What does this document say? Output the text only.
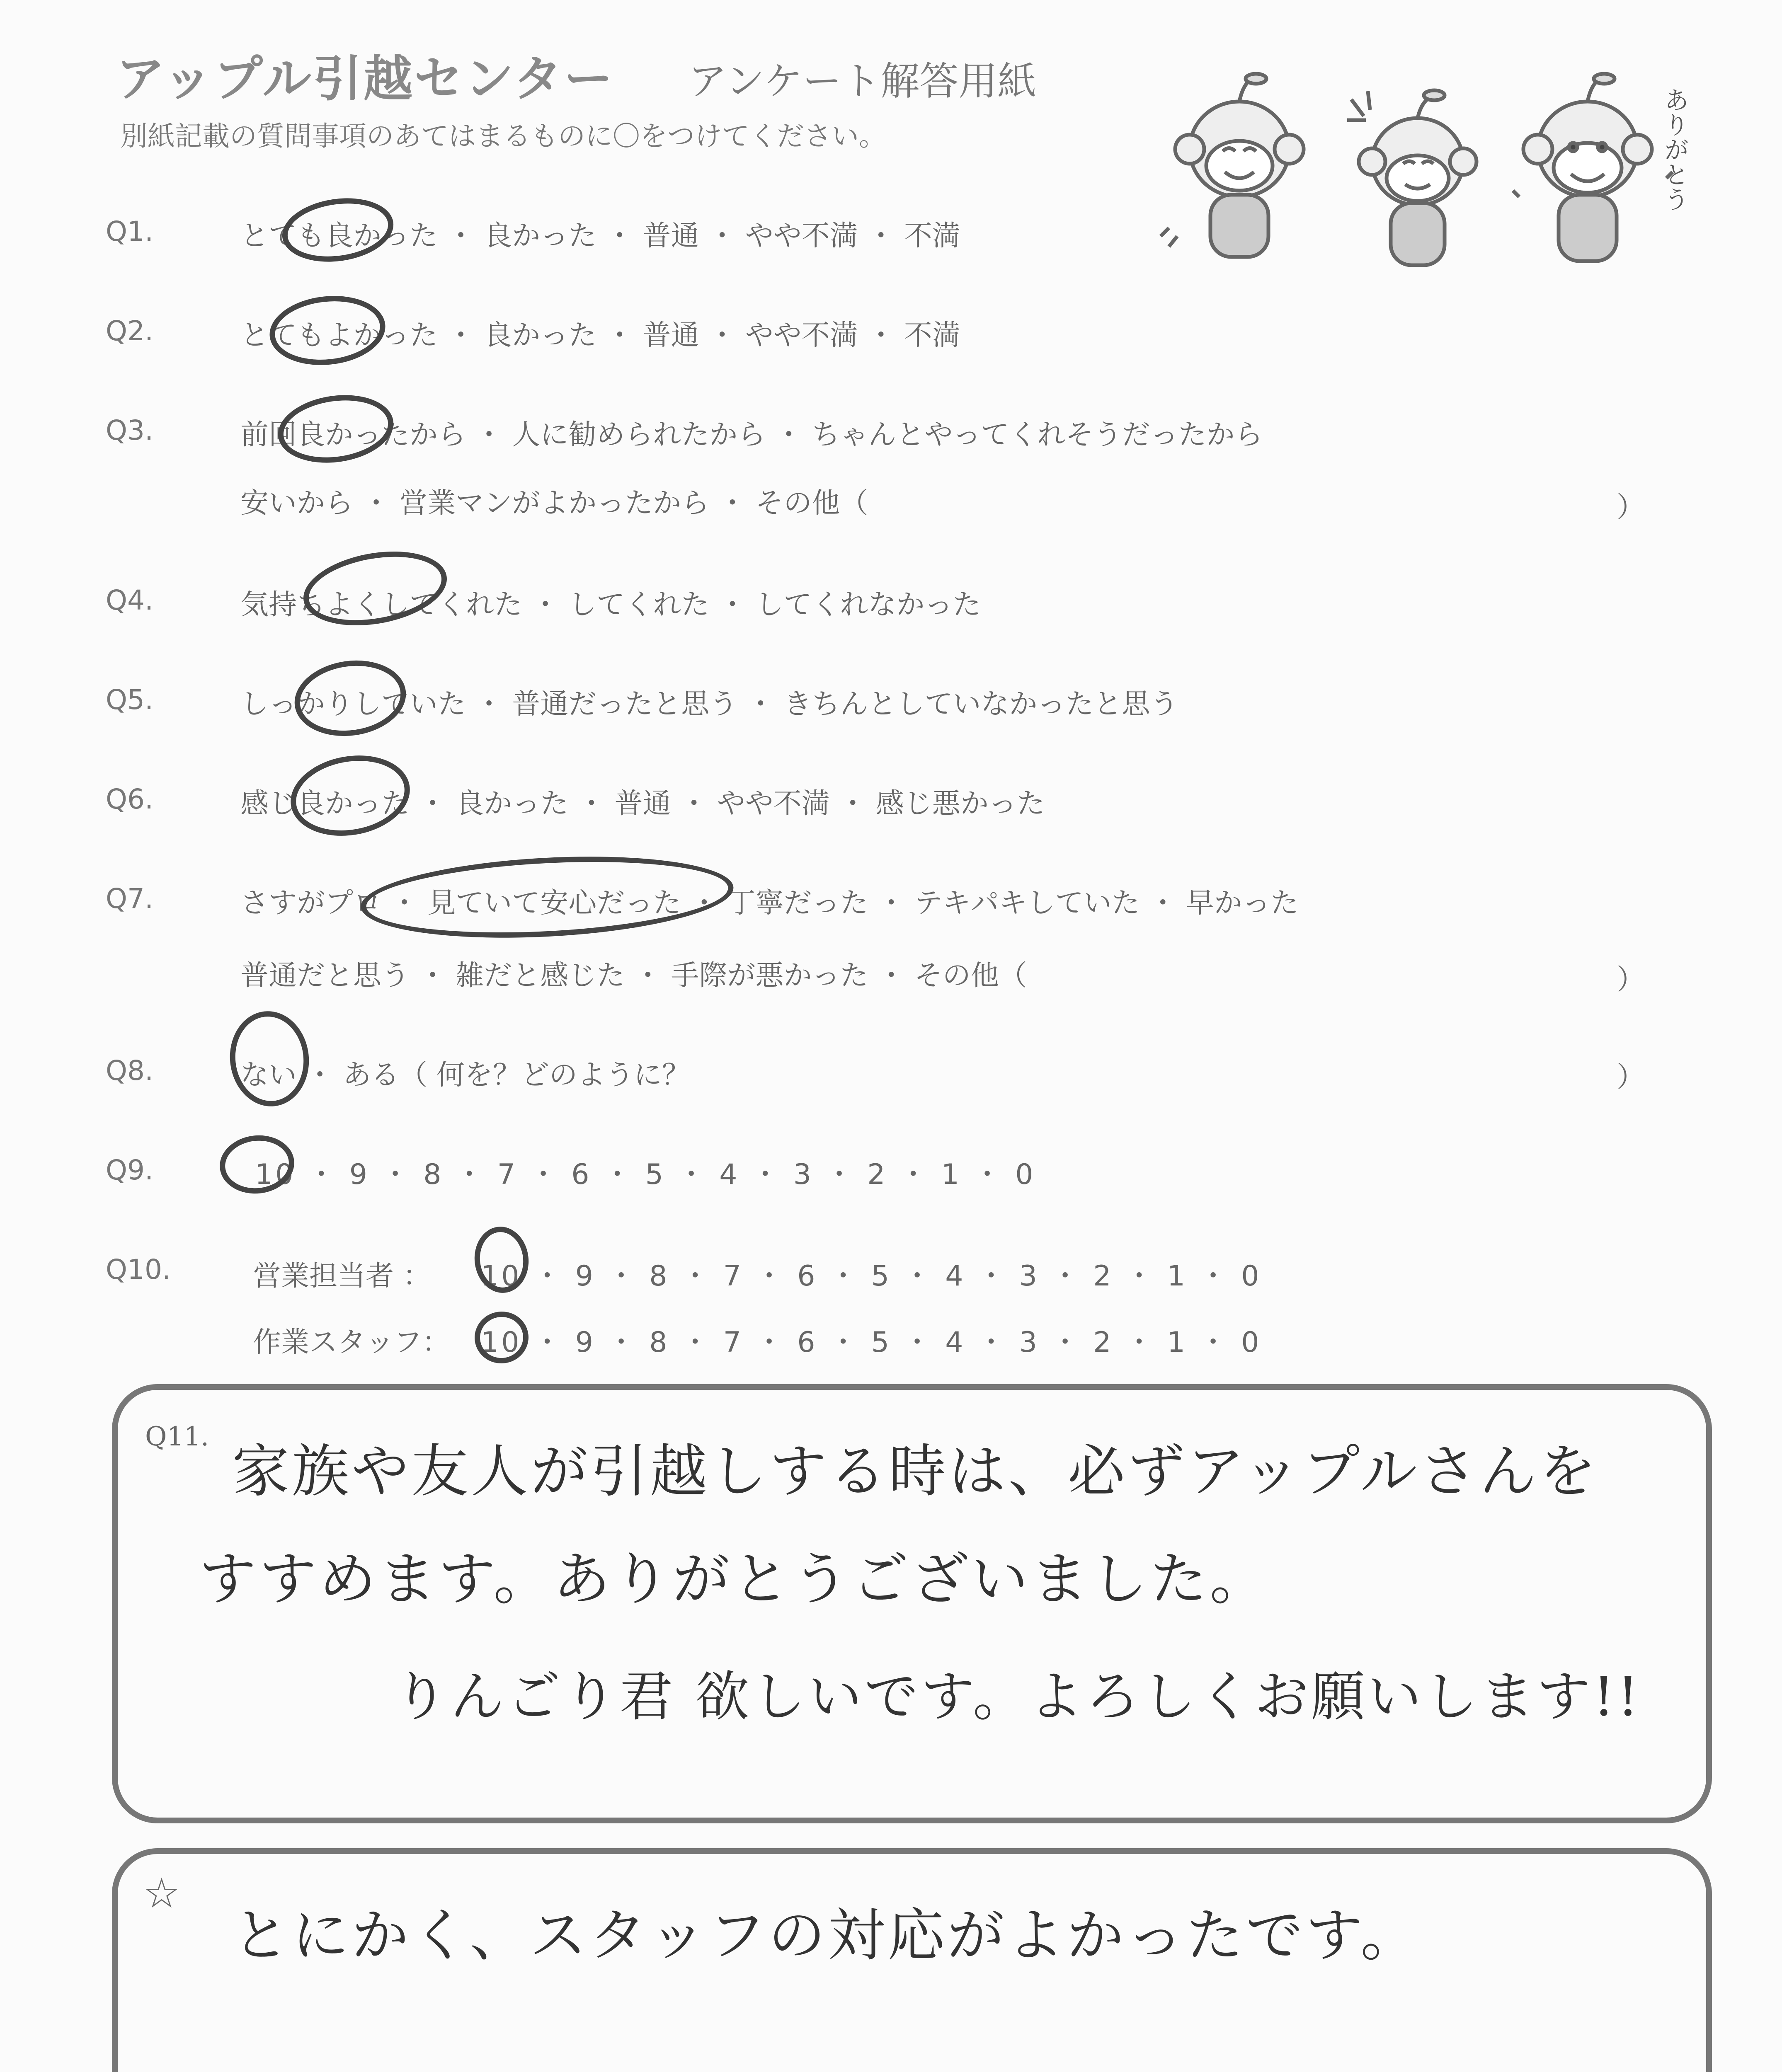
アップル引越センター アンケート解答用紙
別紙記載の質問事項のあてはまるものに〇をつけてください。	ありがとう
Q1.	とても良かった ・ 良かった ・ 普通 ・ やや不満 ・ 不満
Q2.	とてもよかった ・ 良かった ・ 普通 ・ やや不満 ・ 不満
Q3.	前回良かったから ・ 人に勧められたから ・ ちゃんとやってくれそうだったから
安いから ・ 営業マンがよかったから ・ その他（	）
Q4.	気持ちよくしてくれた ・ してくれた ・ してくれなかった
Q5.	しっかりしていた ・ 普通だったと思う ・ きちんとしていなかったと思う
Q6.	感じ良かった ・ 良かった ・ 普通 ・ やや不満 ・ 感じ悪かった
Q7.	さすがプロ ・ 見ていて安心だった ・ 丁寧だった ・ テキパキしていた ・ 早かった
普通だと思う ・ 雑だと感じた ・ 手際が悪かった ・ その他（	）
Q8.	ない ・ ある（ 何を？どのように？	）
Q9.	10 ・ 9 ・ 8 ・ 7 ・ 6 ・ 5 ・ 4 ・ 3 ・ 2 ・ 1 ・ 0
Q10.	営業担当者 ： 10 ・ 9 ・ 8 ・ 7 ・ 6 ・ 5 ・ 4 ・ 3 ・ 2 ・ 1 ・ 0
作業スタッフ： 10 ・ 9 ・ 8 ・ 7 ・ 6 ・ 5 ・ 4 ・ 3 ・ 2 ・ 1 ・ 0
Q11.
家族や友人が引越しする時は、必ずアップルさんを
すすめます。ありがとうございました。
りんごり君 欲しいです。よろしくお願いします!!
☆
とにかく、スタッフの対応がよかったです。
